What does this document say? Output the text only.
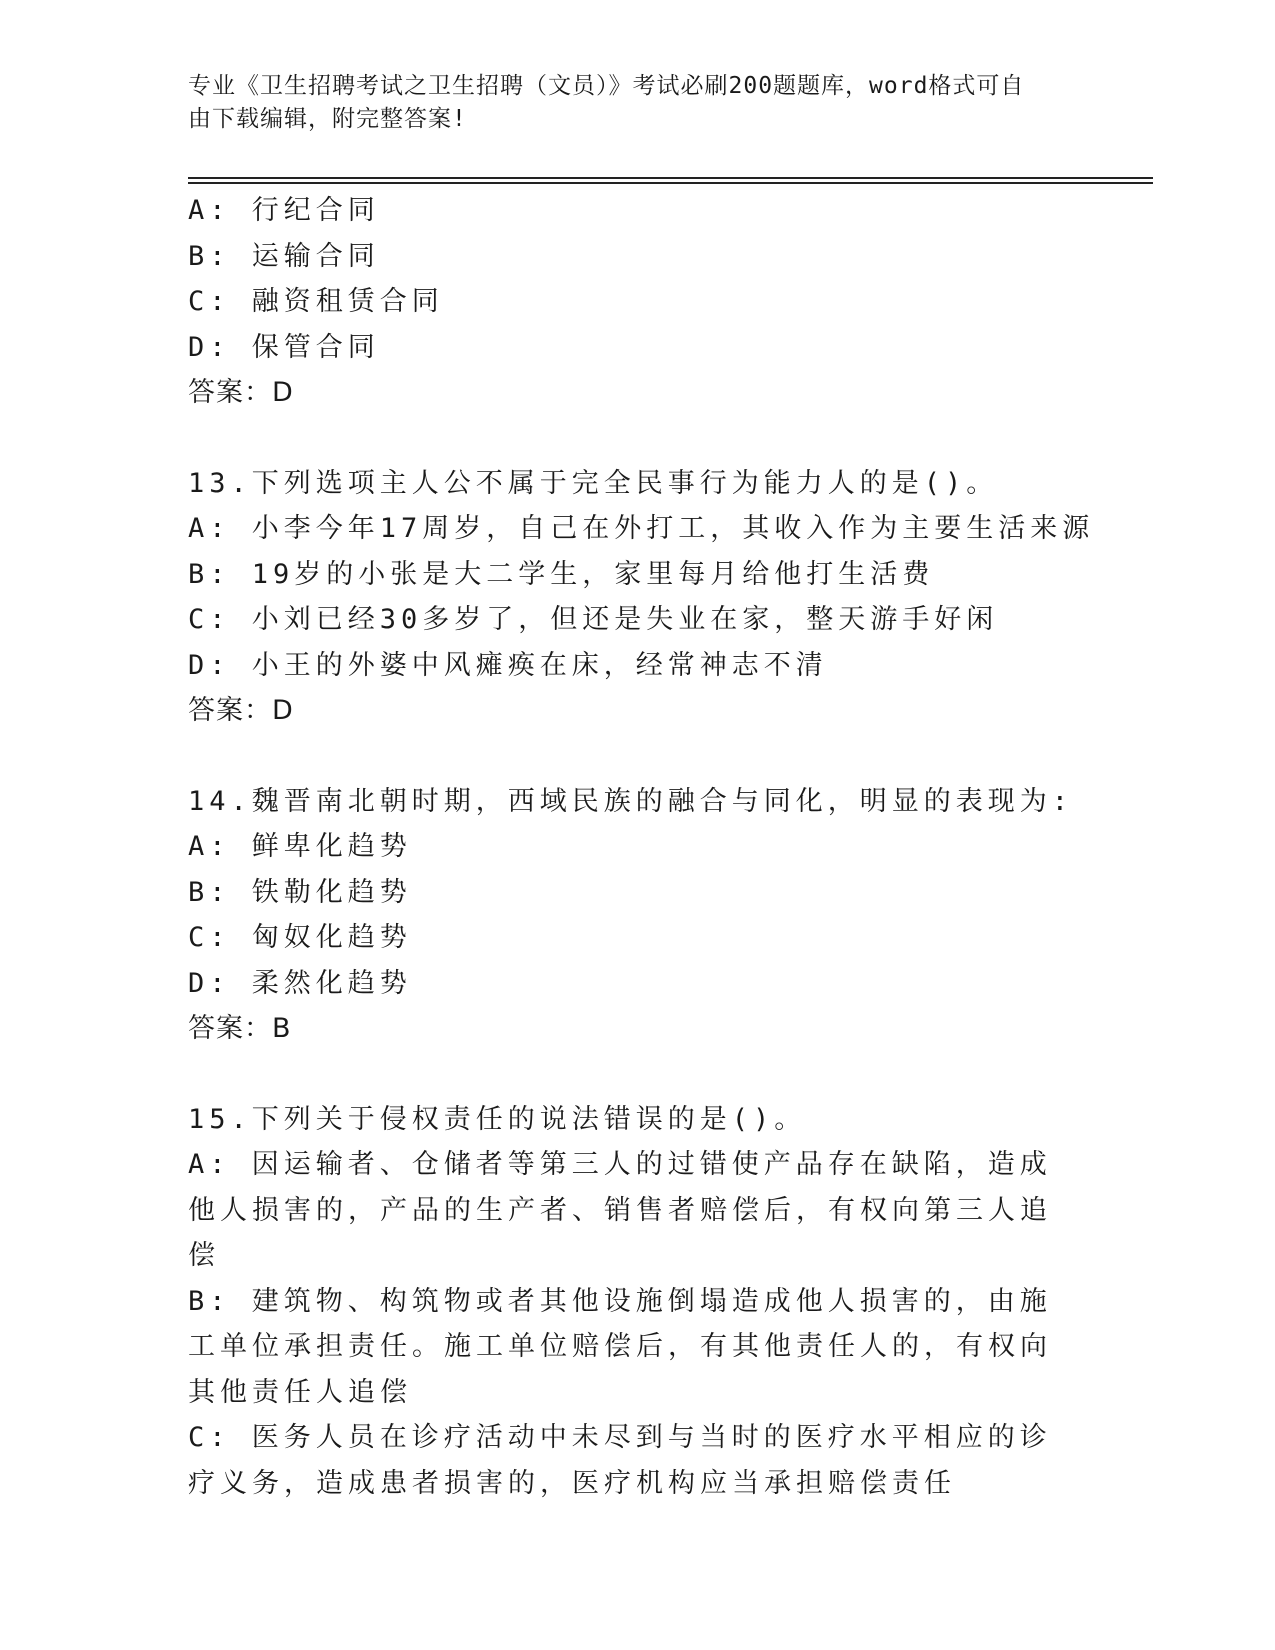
专业《卫生招聘考试之卫生招聘（文员）》考试必刷200题题库，word格式可自
由下载编辑，附完整答案!
A: 行纪合同
B: 运输合同
C: 融资租赁合同
D: 保管合同
答案：D
13.下列选项主人公不属于完全民事行为能力人的是()。
A: 小李今年17周岁，自己在外打工，其收入作为主要生活来源
B: 19岁的小张是大二学生，家里每月给他打生活费
C: 小刘已经30多岁了，但还是失业在家，整天游手好闲
D: 小王的外婆中风瘫痪在床，经常神志不清
答案：D
14.魏晋南北朝时期，西域民族的融合与同化，明显的表现为:
A: 鲜卑化趋势
B: 铁勒化趋势
C: 匈奴化趋势
D: 柔然化趋势
答案：B
15.下列关于侵权责任的说法错误的是()。
A: 因运输者、仓储者等第三人的过错使产品存在缺陷，造成他人损害的，产品的生产者、销售者赔偿后，有权向第三人追偿
B: 建筑物、构筑物或者其他设施倒塌造成他人损害的，由施工单位承担责任。施工单位赔偿后，有其他责任人的，有权向其他责任人追偿
C: 医务人员在诊疗活动中未尽到与当时的医疗水平相应的诊疗义务，造成患者损害的，医疗机构应当承担赔偿责任
